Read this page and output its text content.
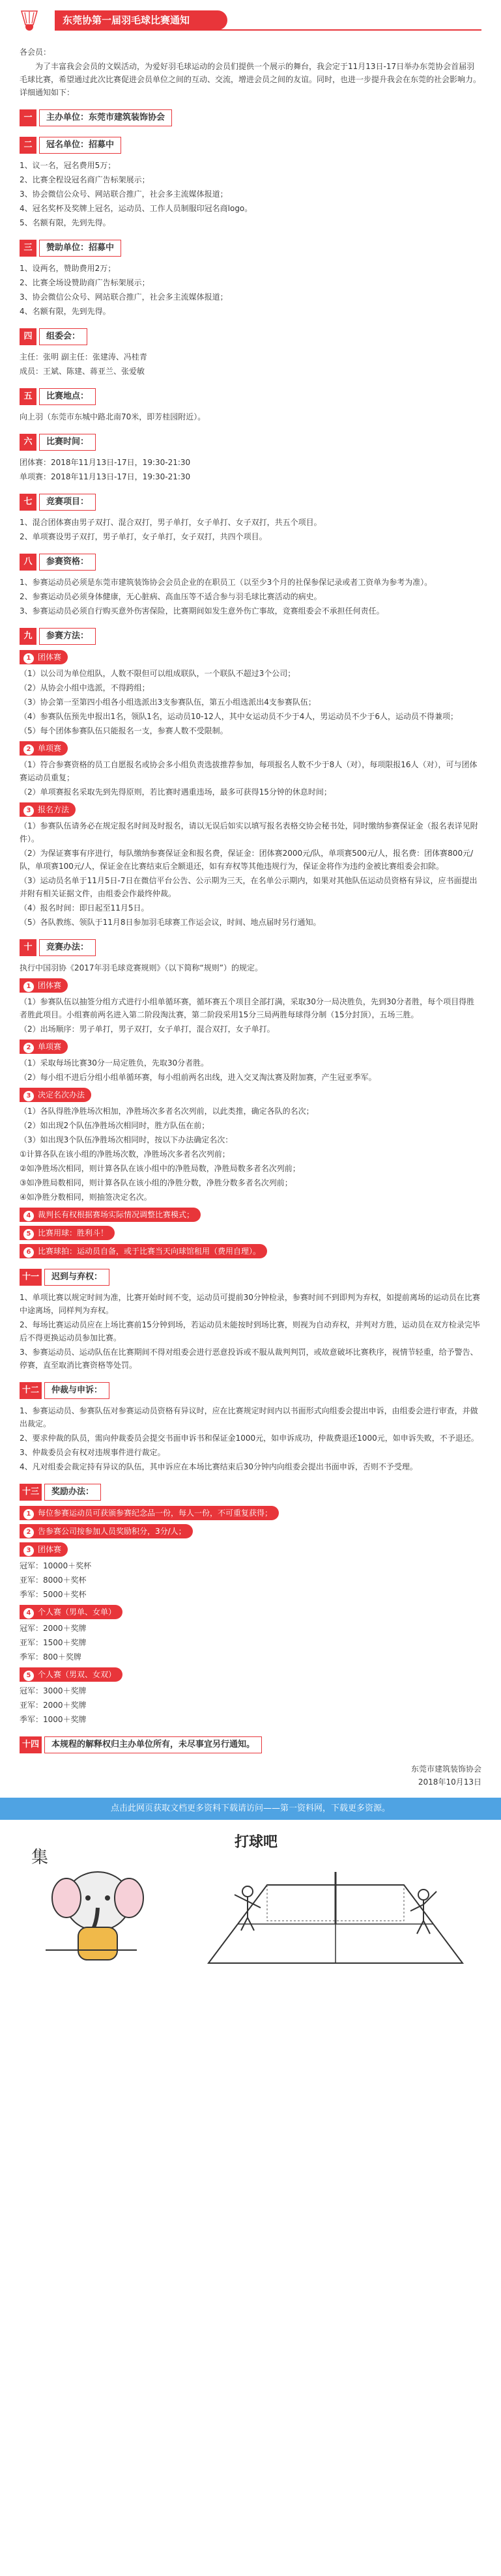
东莞协第一届羽毛球比赛通知

各会员：

为了丰富我会会员的文娱活动，为爱好羽毛球运动的会员们提供一个展示的舞台，我会定于11月13日-17日举办东莞协会首届羽毛球比赛，希望通过此次比赛促进会员单位之间的互动、交流，增进会员之间的友谊。同时，也进一步提升我会在东莞的社会影响力。详细通知如下：

一	主办单位：东莞市建筑装饰协会
二	冠名单位：招募中

1、议一名，冠名费用5万；

2、比赛全程设冠名商广告标架展示；

3、协会微信公众号、网站联合推广，社会多主流媒体报道；

4、冠名奖杯及奖牌上冠名，运动员、工作人员制服印冠名商logo。

5、名额有限，先到先得。

三	赞助单位：招募中

1、设两名，赞助费用2万；

2、比赛全场设赞助商广告标架展示；

3、协会微信公众号、网站联合推广，社会多主流媒体报道；

4、名额有限，先到先得。

四	组委会：

主任：张明 副主任：张建涛、冯桂青

成员：王斌、陈建、蒋亚兰、张爱敏

五	比赛地点：

向上羽（东莞市东城中路北南70米，即芳桂园附近）。

六	比赛时间：

团体赛：2018年11月13日-17日，19:30-21:30

单项赛：2018年11月13日-17日，19:30-21:30

七	竞赛项目：

1、混合团体赛由男子双打、混合双打，男子单打，女子单打、女子双打，共五个项目。

2、单项赛设男子双打，男子单打，女子单打，女子双打，共四个项目。

八	参赛资格：

1、参赛运动员必须是东莞市建筑装饰协会会员企业的在职员工（以至少3个月的社保参保记录或者工资单为参考为准）。

2、参赛运动员必须身体健康，无心脏病、高血压等不适合参与羽毛球比赛活动的病史。

3、参赛运动员必须自行购买意外伤害保险，比赛期间如发生意外伤亡事故，竞赛组委会不承担任何责任。

九	参赛方法：
1 团体赛

（1）以公司为单位组队，人数不限但可以组成联队，一个联队不超过3个公司；

（2）从协会小组中选派，不得跨组；

（3）协会第一至第四小组各小组选派出3支参赛队伍，第五小组选派出4支参赛队伍；

（4）参赛队伍预先申报出1名，领队1名，运动员10-12人，其中女运动员不少于4人，男运动员不少于6人，运动员不得兼项；

（5）每个团体参赛队伍只能报名一支，参赛人数不受限制。

2 单项赛

（1）符合参赛资格的员工自愿报名或协会多小组负责选拔推荐参加，每项报名人数不少于8人（对），每项限报16人（对），可与团体赛运动员重复；

（2）单项赛报名采取先到先得原则，若比赛时遇重违场，最多可获得15分钟的休息时间；

3 报名方法

（1）参赛队伍请务必在规定报名时间及时报名，请以无误后如实以填写报名表格交协会秘书处，同时缴纳参赛保证金（报名表详见附件）。

（2）为保证赛事有序进行，每队缴纳参赛保证金和报名费，保证金：团体赛2000元/队，单项赛500元/人，报名费：团体赛800元/队，单项赛100元/人，保证金在比赛结束后全额退还，如有弃权等其他违规行为，保证金将作为违约金被比赛组委会扣除。

（3）运动员名单于11月5日-7日在微信平台公告、公示期为三天，在名单公示期内，如果对其他队伍运动员资格有异议，应书面提出并附有相关证据文件，由组委会作最终仲裁。

（4）报名时间：即日起至11月5日。

（5）各队教练、领队于11月8日参加羽毛球赛工作运会议，时间、地点届时另行通知。

十	竞赛办法：

执行中国羽协《2017年羽毛球竞赛规则》（以下简称“规则”）的规定。

1 团体赛

（1）参赛队伍以抽签分组方式进行小组单循环赛，循环赛五个项目全部打满，采取30分一局决胜负，先到30分者胜，每个项目得胜者胜此项目。小组赛前两名进入第二阶段淘汰赛，第二阶段采用15分三局两胜每球得分制（15分封顶），五场三胜。

（2）出场顺序：男子单打，男子双打，女子单打，混合双打，女子单打。

2 单项赛

（1）采取每场比赛30分一局定胜负，先取30分者胜。

（2）每小组不进后分组小组单循环赛，每小组前两名出线，进入交叉淘汰赛及附加赛，产生冠亚季军。

3 决定名次办法

（1）各队得胜净胜场次相加，净胜场次多者名次列前，以此类推，确定各队的名次；

（2）如出现2个队伍净胜场次相同时，胜方队伍在前；

（3）如出现3个队伍净胜场次相同时，按以下办法确定名次：

①计算各队在该小组的净胜场次数，净胜场次多者名次列前；

②如净胜场次相同，则计算各队在该小组中的净胜局数，净胜局数多者名次列前；

③如净胜局数相同，则计算各队在该小组的净胜分数，净胜分数多者名次列前；

④如净胜分数相同，则抽签决定名次。

4 裁判长有权根据赛场实际情况调整比赛模式；
5 比赛用球：胜利斗！
6 比赛球拍：运动员自备，或于比赛当天向球馆租用（费用自理）。
十一	迟到与弃权：

1、单项比赛以规定时间为准，比赛开始时间不变，运动员可提前30分钟检录，参赛时间不到即判为弃权，如提前离场的运动员在比赛中途离场，同样判为弃权。

2、每场比赛运动员应在上场比赛前15分钟到场，若运动员未能按时到场比赛，则视为自动弃权，并判对方胜，运动员在双方检录完毕后不得更换运动员参加比赛。

3、参赛运动员、运动队伍在比赛期间不得对组委会进行恶意投诉或不服从裁判判罚，或故意破坏比赛秩序，视情节轻重，给予警告、停赛，直至取消比赛资格等处罚。

十二	仲裁与申诉：

1、参赛运动员、参赛队伍对参赛运动员资格有异议时，应在比赛规定时间内以书面形式向组委会提出申诉，由组委会进行审查，并做出裁定。

2、要求仲裁的队员，需向仲裁委员会提交书面申诉书和保证金1000元，如申诉成功，仲裁费退还1000元，如申诉失败，不予退还。

3、仲裁委员会有权对违规事件进行裁定。

4、凡对组委会裁定持有异议的队伍，其申诉应在本场比赛结束后30分钟内向组委会提出书面申诉，否则不予受理。

十三	奖励办法：
1 每位参赛运动员可获颁参赛纪念品一份，每人一份，不可重复获得；
2 告参赛公司按参加人员奖励积分，3分/人；
3 团体赛

冠军：10000＋奖杯

亚军：8000＋奖杯

季军：5000＋奖杯

4 个人赛（男单、女单）

冠军：2000＋奖牌

亚军：1500＋奖牌

季军：800＋奖牌

5 个人赛（男双、女双）

冠军：3000＋奖牌

亚军：2000＋奖牌

季军：1000＋奖牌

十四	本规程的解释权归主办单位所有，未尽事宜另行通知。
东莞市建筑装饰协会
2018年10月13日
点击此网页获取文档更多资料下载请访问——第一资料网，下载更多资源。
集
打球吧
